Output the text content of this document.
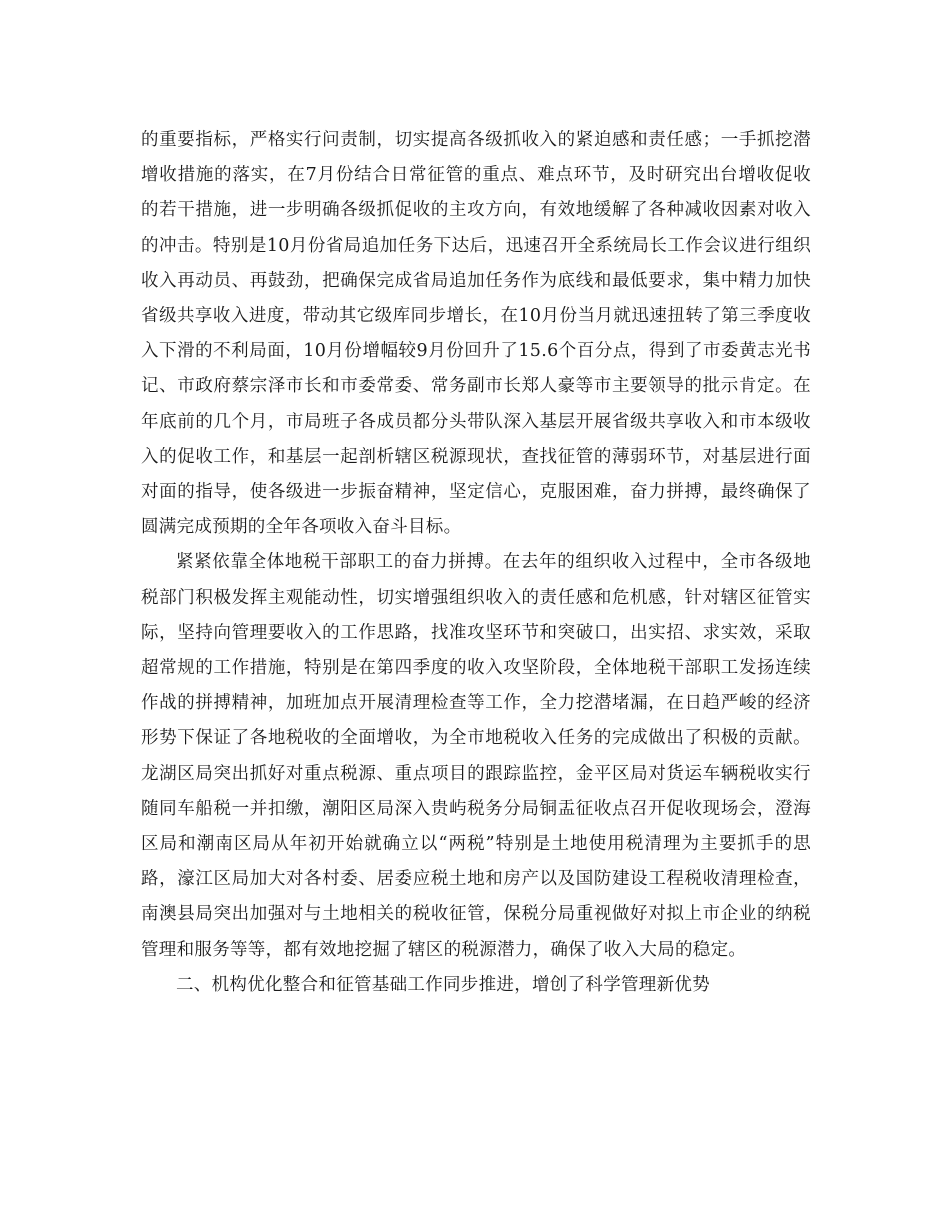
的重要指标，严格实行问责制，切实提高各级抓收入的紧迫感和责任感；一手抓挖潜增收措施的落实，在7月份结合日常征管的重点、难点环节，及时研究出台增收促收的若干措施，进一步明确各级抓促收的主攻方向，有效地缓解了各种减收因素对收入的冲击。特别是10月份省局追加任务下达后，迅速召开全系统局长工作会议进行组织收入再动员、再鼓劲，把确保完成省局追加任务作为底线和最低要求，集中精力加快省级共享收入进度，带动其它级库同步增长，在10月份当月就迅速扭转了第三季度收入下滑的不利局面，10月份增幅较9月份回升了15.6个百分点，得到了市委黄志光书记、市政府蔡宗泽市长和市委常委、常务副市长郑人豪等市主要领导的批示肯定。在年底前的几个月，市局班子各成员都分头带队深入基层开展省级共享收入和市本级收入的促收工作，和基层一起剖析辖区税源现状，查找征管的薄弱环节，对基层进行面对面的指导，使各级进一步振奋精神，坚定信心，克服困难，奋力拼搏，最终确保了圆满完成预期的全年各项收入奋斗目标。

紧紧依靠全体地税干部职工的奋力拼搏。在去年的组织收入过程中，全市各级地税部门积极发挥主观能动性，切实增强组织收入的责任感和危机感，针对辖区征管实际，坚持向管理要收入的工作思路，找准攻坚环节和突破口，出实招、求实效，采取超常规的工作措施，特别是在第四季度的收入攻坚阶段，全体地税干部职工发扬连续作战的拼搏精神，加班加点开展清理检查等工作，全力挖潜堵漏，在日趋严峻的经济形势下保证了各地税收的全面增收，为全市地税收入任务的完成做出了积极的贡献。龙湖区局突出抓好对重点税源、重点项目的跟踪监控，金平区局对货运车辆税收实行随同车船税一并扣缴，潮阳区局深入贵屿税务分局铜盂征收点召开促收现场会，澄海区局和潮南区局从年初开始就确立以“两税”特别是土地使用税清理为主要抓手的思路，濠江区局加大对各村委、居委应税土地和房产以及国防建设工程税收清理检查，南澳县局突出加强对与土地相关的税收征管，保税分局重视做好对拟上市企业的纳税管理和服务等等，都有效地挖掘了辖区的税源潜力，确保了收入大局的稳定。

二、机构优化整合和征管基础工作同步推进，增创了科学管理新优势
